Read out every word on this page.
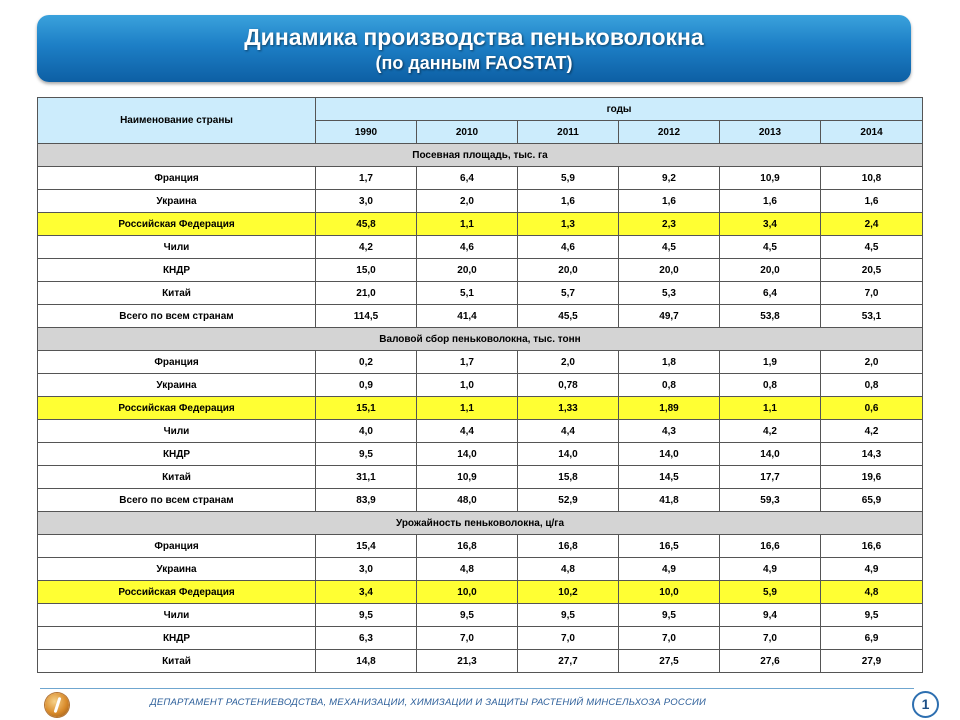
Динамика производства пеньковолокна
(по данным FAOSTAT)
Наименование страны	годы					
	1990	2010	2011	2012	2013	2014
Посевная площадь, тыс. га						
Франция	1,7	6,4	5,9	9,2	10,9	10,8
Украина	3,0	2,0	1,6	1,6	1,6	1,6
Российская Федерация	45,8	1,1	1,3	2,3	3,4	2,4
Чили	4,2	4,6	4,6	4,5	4,5	4,5
КНДР	15,0	20,0	20,0	20,0	20,0	20,5
Китай	21,0	5,1	5,7	5,3	6,4	7,0
Всего по всем странам	114,5	41,4	45,5	49,7	53,8	53,1
Валовой сбор пеньковолокна, тыс. тонн						
Франция	0,2	1,7	2,0	1,8	1,9	2,0
Украина	0,9	1,0	0,78	0,8	0,8	0,8
Российская Федерация	15,1	1,1	1,33	1,89	1,1	0,6
Чили	4,0	4,4	4,4	4,3	4,2	4,2
КНДР	9,5	14,0	14,0	14,0	14,0	14,3
Китай	31,1	10,9	15,8	14,5	17,7	19,6
Всего по всем странам	83,9	48,0	52,9	41,8	59,3	65,9
Урожайность пеньковолокна, ц/га						
Франция	15,4	16,8	16,8	16,5	16,6	16,6
Украина	3,0	4,8	4,8	4,9	4,9	4,9
Российская Федерация	3,4	10,0	10,2	10,0	5,9	4,8
Чили	9,5	9,5	9,5	9,5	9,4	9,5
КНДР	6,3	7,0	7,0	7,0	7,0	6,9
Китай	14,8	21,3	27,7	27,5	27,6	27,9
ДЕПАРТАМЕНТ РАСТЕНИЕВОДСТВА, МЕХАНИЗАЦИИ, ХИМИЗАЦИИ И ЗАЩИТЫ РАСТЕНИЙ МИНСЕЛЬХОЗА РОССИИ	1
